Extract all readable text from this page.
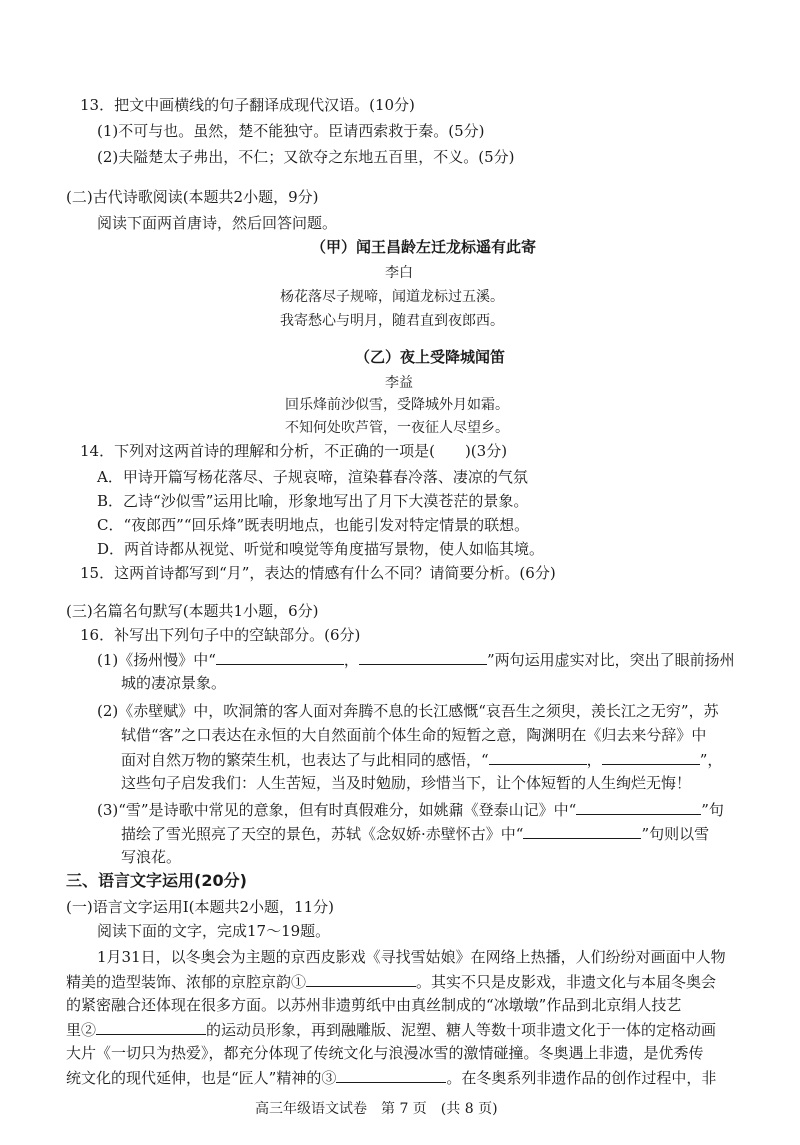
13．把文中画横线的句子翻译成现代汉语。(10分)
(1)不可与也。虽然，楚不能独守。臣请西索救于秦。(5分)
(2)夫隘楚太子弗出，不仁；又欲夺之东地五百里，不义。(5分)
(二)古代诗歌阅读(本题共2小题，9分)
阅读下面两首唐诗，然后回答问题。
（甲）闻王昌龄左迁龙标遥有此寄
李白
杨花落尽子规啼，闻道龙标过五溪。
我寄愁心与明月，随君直到夜郎西。
（乙）夜上受降城闻笛
李益
回乐烽前沙似雪，受降城外月如霜。
不知何处吹芦管，一夜征人尽望乡。
14．下列对这两首诗的理解和分析，不正确的一项是(　　)(3分)
A．甲诗开篇写杨花落尽、子规哀啼，渲染暮春冷落、凄凉的气氛
B．乙诗“沙似雪”运用比喻，形象地写出了月下大漠苍茫的景象。
C．“夜郎西”“回乐烽”既表明地点，也能引发对特定情景的联想。
D．两首诗都从视觉、听觉和嗅觉等角度描写景物，使人如临其境。
15．这两首诗都写到“月”，表达的情感有什么不同？请简要分析。(6分)
(三)名篇名句默写(本题共1小题，6分)
16．补写出下列句子中的空缺部分。(6分)
(1)《扬州慢》中“	，	”两句运用虚实对比，突出了眼前扬州
城的凄凉景象。
(2)《赤壁赋》中，吹洞箫的客人面对奔腾不息的长江感慨“哀吾生之须臾，羡长江之无穷”，苏
轼借“客”之口表达在永恒的大自然面前个体生命的短暂之意，陶渊明在《归去来兮辞》中
面对自然万物的繁荣生机，也表达了与此相同的感悟，“	，	”，
这些句子启发我们：人生苦短，当及时勉励，珍惜当下，让个体短暂的人生绚烂无悔！
(3)“雪”是诗歌中常见的意象，但有时真假难分，如姚鼐《登泰山记》中“	”句
描绘了雪光照亮了天空的景色，苏轼《念奴娇·赤壁怀古》中“	”句则以雪
写浪花。
三、语言文字运用(20分)
(一)语言文字运用Ⅰ(本题共2小题，11分)
阅读下面的文字，完成17～19题。
1月31日，以冬奥会为主题的京西皮影戏《寻找雪姑娘》在网络上热播，人们纷纷对画面中人物
精美的造型装饰、浓郁的京腔京韵①	。其实不只是皮影戏，非遗文化与本届冬奥会
的紧密融合还体现在很多方面。以苏州非遗剪纸中由真丝制成的“冰墩墩”作品到北京绢人技艺
里②	的运动员形象，再到融雕版、泥塑、糖人等数十项非遗文化于一体的定格动画
大片《一切只为热爱》，都充分体现了传统文化与浪漫冰雪的激情碰撞。冬奥遇上非遗，是优秀传
统文化的现代延伸，也是“匠人”精神的③	。在冬奥系列非遗作品的创作过程中，非
高三年级语文试卷　第 7 页　(共 8 页)
